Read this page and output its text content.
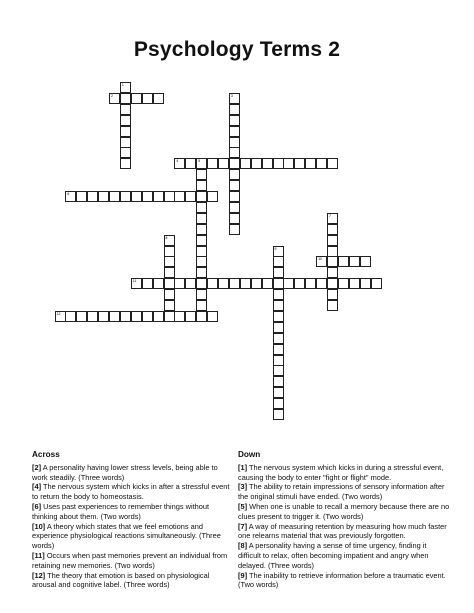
Psychology Terms 2
1
2	3
4	5
6
7
8
9
10
11
12
Across

[2] A personality having lower stress levels, being able to work steadily. (Three words)

[4] The nervous system which kicks in after a stressful event to return the body to homeostasis.

[6] Uses past experiences to remember things without thinking about them. (Two words)

[10] A theory which states that we feel emotions and experience physiological reactions simultaneously. (Three words)

[11] Occurs when past memories prevent an individual from retaining new memories. (Two words)

[12] The theory that emotion is based on physiological arousal and cognitive label. (Three words)

Down

[1] The nervous system which kicks in during a stressful event, causing the body to enter "fight or flight" mode.

[3] The ability to retain impressions of sensory information after the original stimuli have ended. (Two words)

[5] When one is unable to recall a memory because there are no clues present to trigger it. (Two words)

[7] A way of measuring retention by measuring how much faster one relearns material that was previously forgotten.

[8] A personality having a sense of time urgency, finding it difficult to relax, often becoming impatient and angry when delayed. (Three words)

[9] The inability to retrieve information before a traumatic event. (Two words)
